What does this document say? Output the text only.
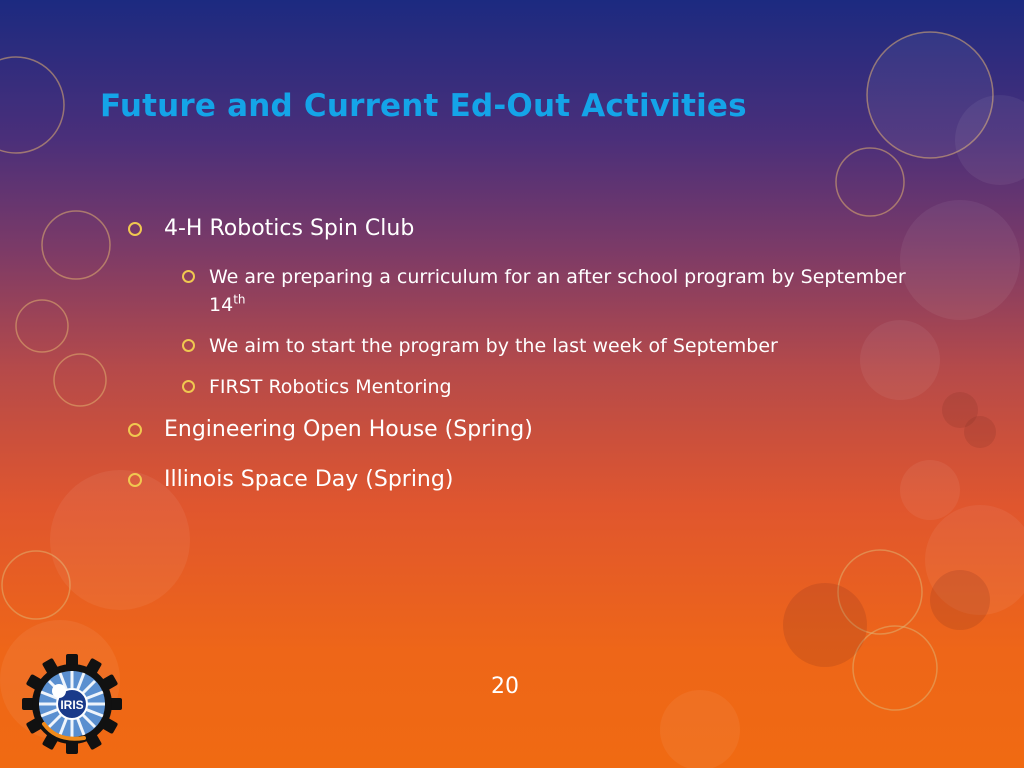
Future and Current Ed-Out Activities
4-H Robotics Spin Club
We are preparing a curriculum for an after school program by September 14th
We aim to start the program by the last week of September
FIRST Robotics Mentoring
Engineering Open House (Spring)
Illinois Space Day (Spring)
20
IRIS
